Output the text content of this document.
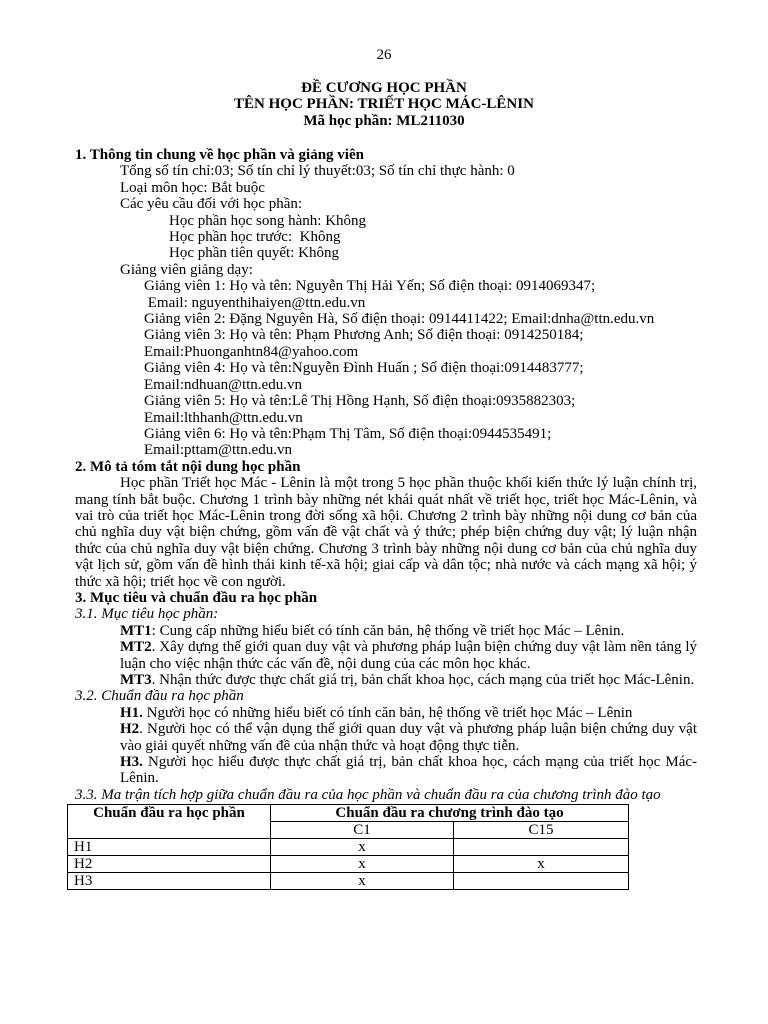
26
ĐỀ CƯƠNG HỌC PHẦN
TÊN HỌC PHẦN: TRIẾT HỌC MÁC-LÊNIN
Mã học phần: ML211030
1. Thông tin chung về học phần và giảng viên
Tổng số tín chỉ:03; Số tín chỉ lý thuyết:03; Số tín chỉ thực hành: 0
Loại môn học: Bắt buộc
Các yêu cầu đối với học phần:
Học phần học song hành: Không
Học phần học trước:  Không
Học phần tiên quyết: Không
Giảng viên giảng dạy:
Giảng viên 1: Họ và tên: Nguyễn Thị Hải Yến; Số điện thoại: 0914069347;
Email: nguyenthihaiyen@ttn.edu.vn
Giảng viên 2: Đặng Nguyên Hà, Số điện thoại: 0914411422; Email:dnha@ttn.edu.vn
Giảng viên 3: Họ và tên: Phạm Phương Anh; Số điện thoại: 0914250184;
Email:Phuonganhtn84@yahoo.com
Giảng viên 4: Họ và tên:Nguyễn Đình Huấn ; Số điện thoại:0914483777;
Email:ndhuan@ttn.edu.vn
Giảng viên 5: Họ và tên:Lê Thị Hồng Hạnh, Số điện thoại:0935882303;
Email:lthhanh@ttn.edu.vn
Giảng viên 6: Họ và tên:Phạm Thị Tâm, Số điện thoại:0944535491;
Email:pttam@ttn.edu.vn
2. Mô tả tóm tắt nội dung học phần
Học phần Triết học Mác - Lênin là một trong 5 học phần thuộc khối kiến thức lý luận chính trị, mang tính bắt buộc. Chương 1 trình bày những nét khái quát nhất về triết học, triết học Mác-Lênin, và vai trò của triết học Mác-Lênin trong đời sống xã hội. Chương 2 trình bày những nội dung cơ bản của chủ nghĩa duy vật biện chứng, gồm vấn đề vật chất và ý thức; phép biện chứng duy vật; lý luận nhận thức của chủ nghĩa duy vật biện chứng. Chương 3 trình bày những nội dung cơ bản của chủ nghĩa duy vật lịch sử, gồm vấn đề hình thái kinh tế-xã hội; giai cấp và dân tộc; nhà nước và cách mạng xã hội; ý thức xã hội; triết học về con người.
3. Mục tiêu và chuẩn đầu ra học phần
3.1. Mục tiêu học phần:
MT1: Cung cấp những hiểu biết có tính căn bản, hệ thống về triết học Mác – Lênin.
MT2. Xây dựng thế giới quan duy vật và phương pháp luận biện chứng duy vật làm nền tảng lý luận cho việc nhận thức các vấn đề, nội dung của các môn học khác.
MT3. Nhận thức được thực chất giá trị, bản chất khoa học, cách mạng của triết học Mác-Lênin.
3.2. Chuẩn đầu ra học phần
H1. Người học có những hiểu biết có tính căn bản, hệ thống về triết học Mác – Lênin
H2. Người học có thể vận dụng thế giới quan duy vật và phương pháp luận biện chứng duy vật vào giải quyết những vấn đề của nhận thức và hoạt động thực tiễn.
H3. Người học hiểu được thực chất giá trị, bản chất khoa học, cách mạng của triết học Mác-Lênin.
3.3. Ma trận tích hợp giữa chuẩn đầu ra của học phần và chuẩn đầu ra của chương trình đào tạo
Chuẩn đầu ra học phần	Chuẩn đầu ra chương trình đào tạo	
	C1	C15
H1	x	
H2	x	x
H3	x	
